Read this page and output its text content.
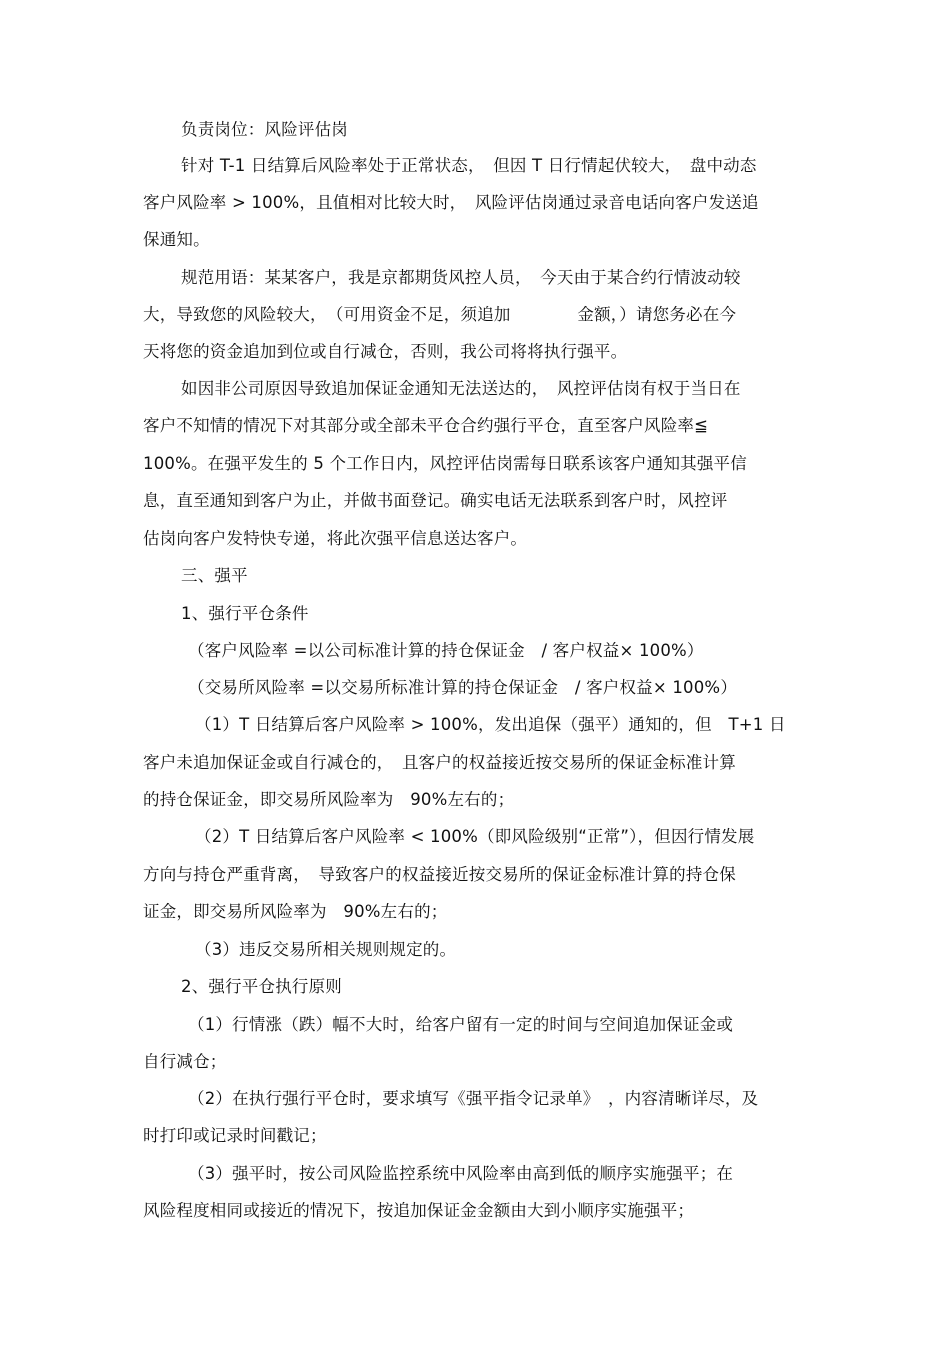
负责岗位：风险评估岗
针对 T-1 日结算后风险率处于正常状态，　但因 T 日行情起伏较大，　盘中动态
客户风险率 > 100%，且值相对比较大时，　风险评估岗通过录音电话向客户发送追
保通知。
规范用语：某某客户，我是京都期货风控人员，　今天由于某合约行情波动较
大，导致您的风险较大，　（可用资金不足，须追加　　　　金额，）请您务必在今
天将您的资金追加到位或自行减仓，否则，我公司将将执行强平。
如因非公司原因导致追加保证金通知无法送达的，　风控评估岗有权于当日在
客户不知情的情况下对其部分或全部未平仓合约强行平仓，直至客户风险率≦
100%。在强平发生的 5 个工作日内，风控评估岗需每日联系该客户通知其强平信
息，直至通知到客户为止，并做书面登记。确实电话无法联系到客户时，风控评
估岗向客户发特快专递，将此次强平信息送达客户。
三、强平
1、强行平仓条件
（客户风险率 =以公司标准计算的持仓保证金　/ 客户权益× 100%）
（交易所风险率 =以交易所标准计算的持仓保证金　/ 客户权益× 100%）
（1）T 日结算后客户风险率 > 100%，发出追保（强平）通知的，但　T+1 日
客户未追加保证金或自行减仓的，　且客户的权益接近按交易所的保证金标准计算
的持仓保证金，即交易所风险率为　90%左右的；
（2）T 日结算后客户风险率 < 100%（即风险级别“正常”），但因行情发展
方向与持仓严重背离，　导致客户的权益接近按交易所的保证金标准计算的持仓保
证金，即交易所风险率为　90%左右的；
（3）违反交易所相关规则规定的。
2、强行平仓执行原则
（1）行情涨（跌）幅不大时，给客户留有一定的时间与空间追加保证金或
自行减仓；
（2）在执行强行平仓时，要求填写《强平指令记录单》　，内容清晰详尽，及
时打印或记录时间戳记；
（3）强平时，按公司风险监控系统中风险率由高到低的顺序实施强平；在
风险程度相同或接近的情况下，按追加保证金金额由大到小顺序实施强平；
